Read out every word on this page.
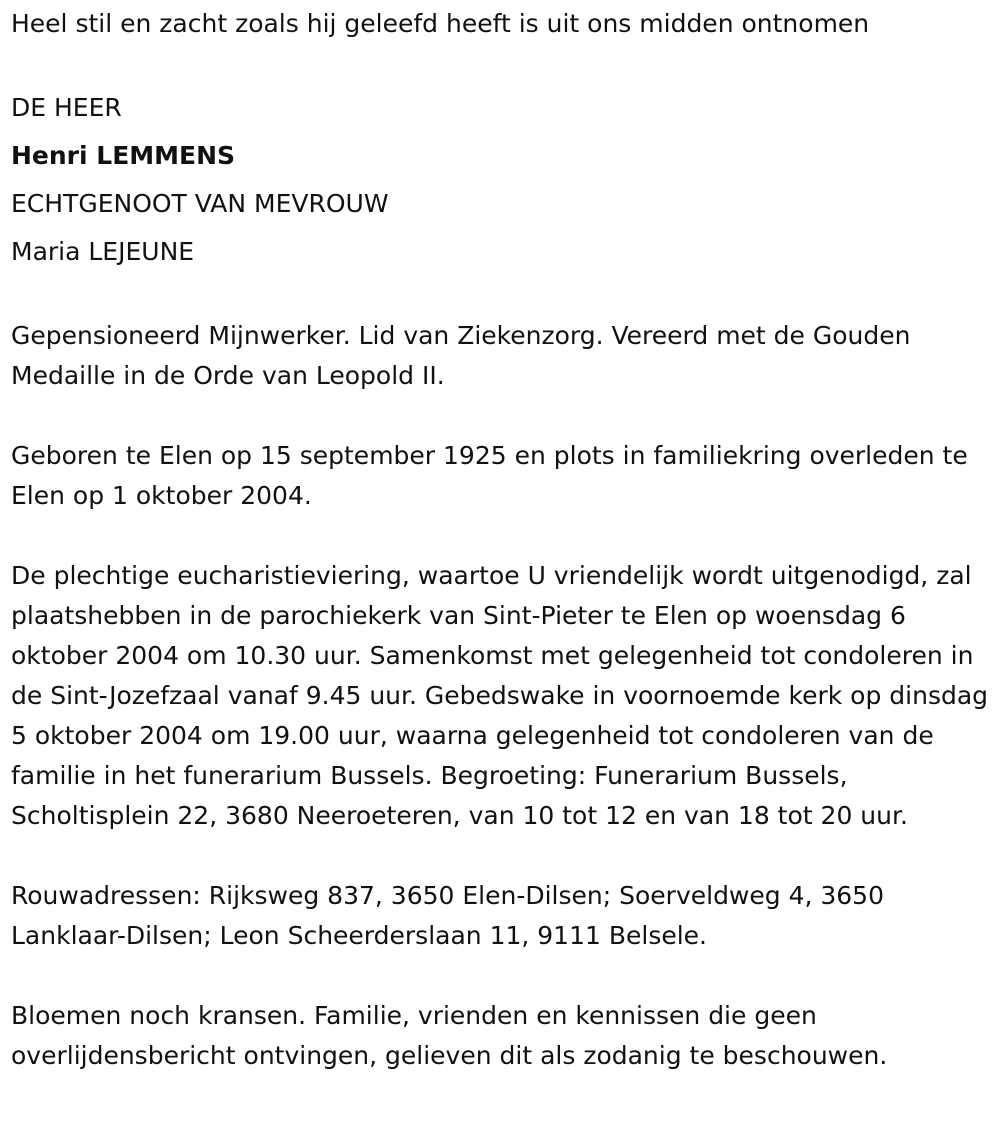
Heel stil en zacht zoals hij geleefd heeft is uit ons midden ontnomen

DE HEER
Henri LEMMENS
ECHTGENOOT VAN MEVROUW
Maria LEJEUNE

Gepensioneerd Mijnwerker. Lid van Ziekenzorg. Vereerd met de Gouden Medaille in de Orde van Leopold II.

Geboren te Elen op 15 september 1925 en plots in familiekring overleden te Elen op 1 oktober 2004.

De plechtige eucharistieviering, waartoe U vriendelijk wordt uitgenodigd, zal plaatshebben in de parochiekerk van Sint-Pieter te Elen op woensdag 6 oktober 2004 om 10.30 uur. Samenkomst met gelegenheid tot condoleren in de Sint-Jozefzaal vanaf 9.45 uur. Gebedswake in voornoemde kerk op dinsdag 5 oktober 2004 om 19.00 uur, waarna gelegenheid tot condoleren van de familie in het funerarium Bussels. Begroeting: Funerarium Bussels, Scholtisplein 22, 3680 Neeroeteren, van 10 tot 12 en van 18 tot 20 uur.

Rouwadressen: Rijksweg 837, 3650 Elen-Dilsen; Soerveldweg 4, 3650 Lanklaar-Dilsen; Leon Scheerderslaan 11, 9111 Belsele.

Bloemen noch kransen. Familie, vrienden en kennissen die geen overlijdensbericht ontvingen, gelieven dit als zodanig te beschouwen.
